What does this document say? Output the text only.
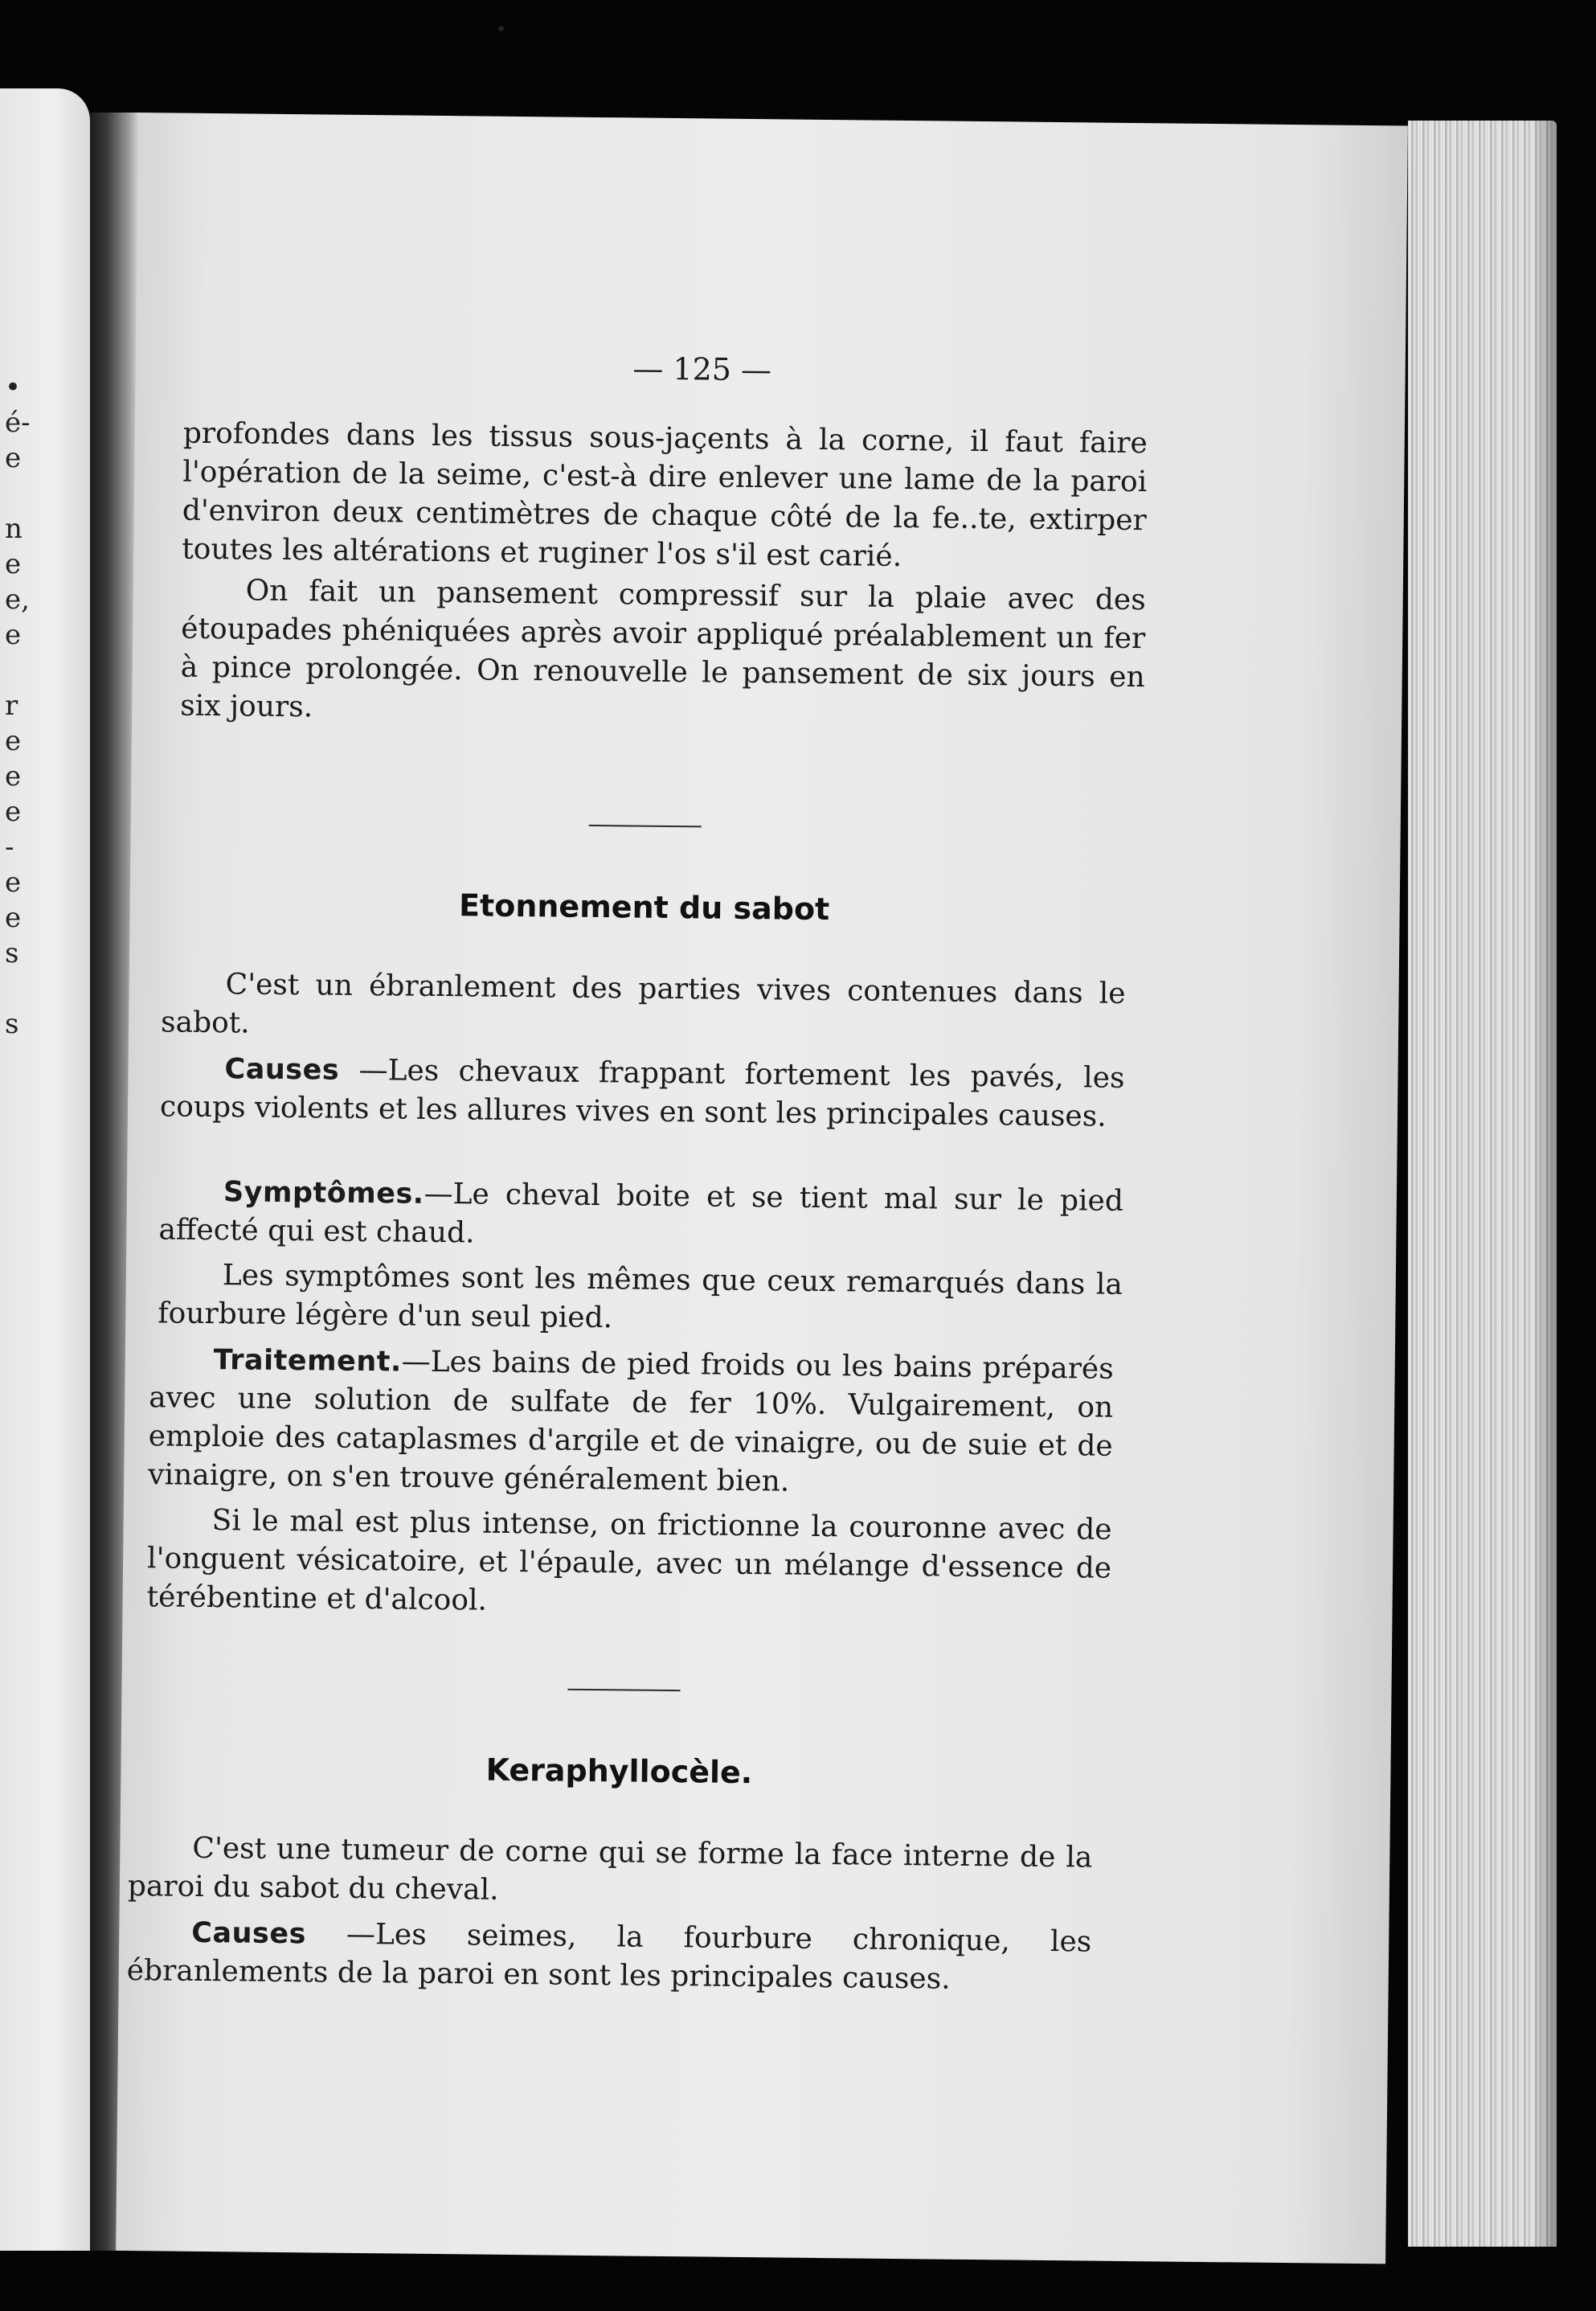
•
é-
e
n
e
e,
e
r
e
e
e
-
e
e
s
s
— 125 —

profondes dans les tissus sous-jaçents à la corne, il faut faire l'opération de la seime, c'est-à dire enlever une lame de la paroi d'environ deux centimètres de chaque côté de la fe..te, extirper toutes les altérations et ruginer l'os s'il est carié.

On fait un pansement compressif sur la plaie avec des étoupades phéniquées après avoir appliqué préalablement un fer à pince prolongée. On renouvelle le pansement de six jours en six jours.

Etonnement du sabot

C'est un ébranlement des parties vives contenues dans le sabot.

Causes —Les chevaux frappant fortement les pavés, les coups violents et les allures vives en sont les principales causes.

Symptômes.—Le cheval boite et se tient mal sur le pied affecté qui est chaud.

Les symptômes sont les mêmes que ceux remarqués dans la fourbure légère d'un seul pied.

Traitement.—Les bains de pied froids ou les bains préparés avec une solution de sulfate de fer 10%. Vulgairement, on emploie des cataplasmes d'argile et de vinaigre, ou de suie et de vinaigre, on s'en trouve généralement bien.

Si le mal est plus intense, on frictionne la couronne avec de l'onguent vésicatoire, et l'épaule, avec un mélange d'essence de térébentine et d'alcool.

Keraphyllocèle.

C'est une tumeur de corne qui se forme la face interne de la paroi du sabot du cheval.

Causes —Les seimes, la fourbure chronique, les ébranlements de la paroi en sont les principales causes.
